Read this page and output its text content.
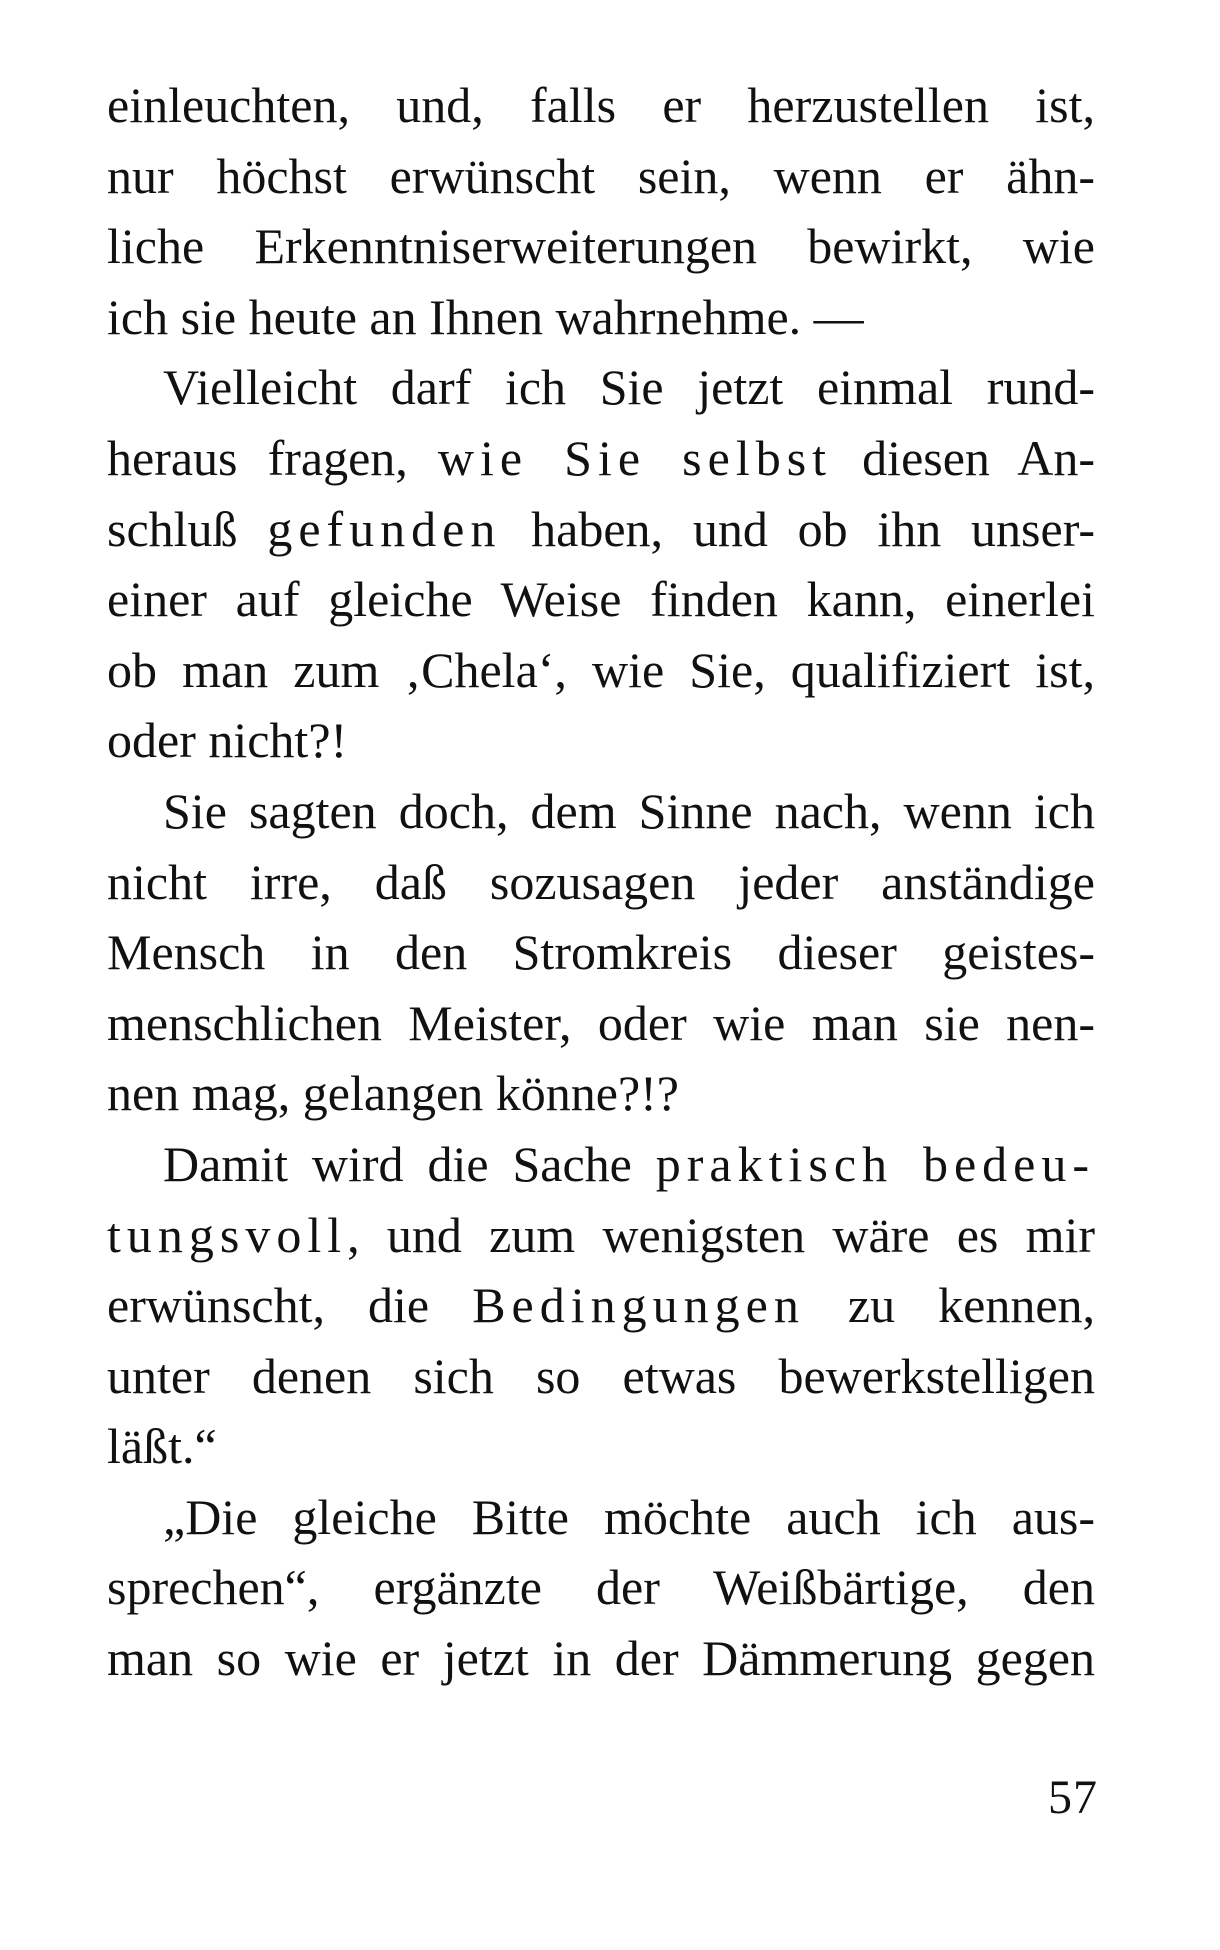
einleuchten, und, falls er herzustellen ist,
nur höchst erwünscht sein, wenn er ähn-
liche Erkenntniserweiterungen bewirkt, wie
ich sie heute an Ihnen wahrnehme. —
Vielleicht darf ich Sie jetzt einmal rund-
heraus fragen, wie Sie selbst diesen An-
schluß gefunden haben, und ob ihn unser-
einer auf gleiche Weise finden kann, einerlei
ob man zum ‚Chela‘, wie Sie, qualifiziert ist,
oder nicht?!
Sie sagten doch, dem Sinne nach, wenn ich
nicht irre, daß sozusagen jeder anständige
Mensch in den Stromkreis dieser geistes-
menschlichen Meister, oder wie man sie nen-
nen mag, gelangen könne?!?
Damit wird die Sache praktisch bedeu-
tungsvoll, und zum wenigsten wäre es mir
erwünscht, die Bedingungen zu kennen,
unter denen sich so etwas bewerkstelligen
läßt.“
„Die gleiche Bitte möchte auch ich aus-
sprechen“, ergänzte der Weißbärtige, den
man so wie er jetzt in der Dämmerung gegen
57
